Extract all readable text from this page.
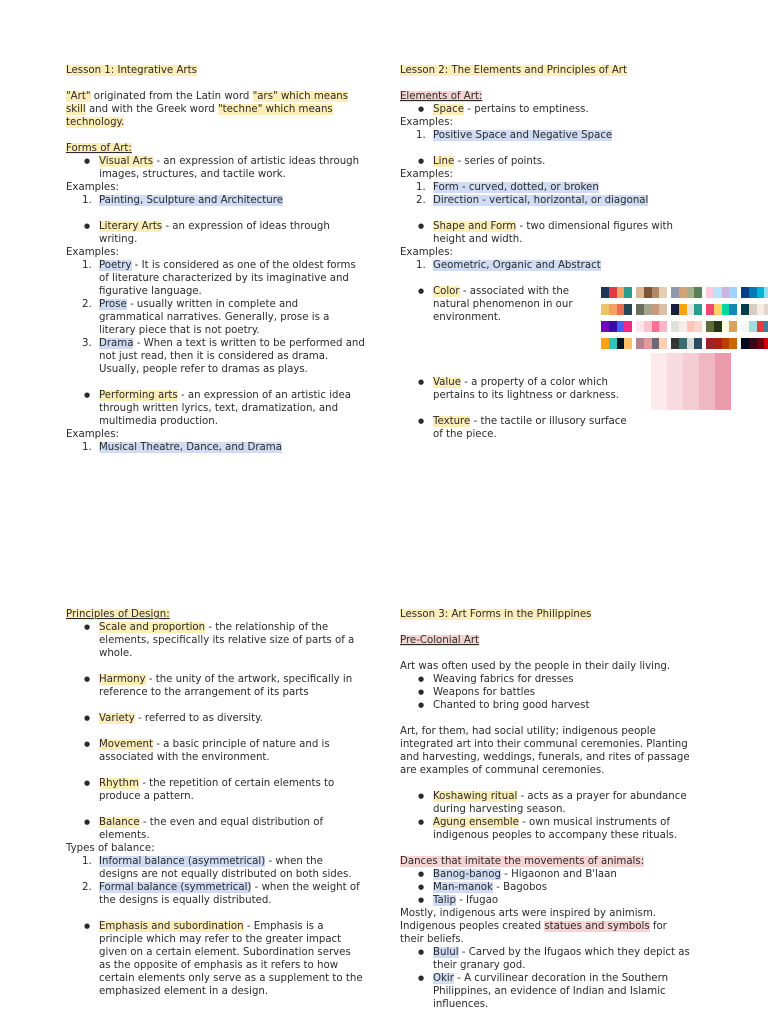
Lesson 1: Integrative Arts
"Art" originated from the Latin word "ars" which means
skill and with the Greek word "techne" which means
technology.
Forms of Art:
● Visual Arts - an expression of artistic ideas through
images, structures, and tactile work.
Examples:
1. Painting, Sculpture and Architecture
● Literary Arts - an expression of ideas through
writing.
Examples:
1. Poetry - It is considered as one of the oldest forms
of literature characterized by its imaginative and
figurative language.
2. Prose - usually written in complete and
grammatical narratives. Generally, prose is a
literary piece that is not poetry.
3. Drama - When a text is written to be performed and
not just read, then it is considered as drama.
Usually, people refer to dramas as plays.
● Performing arts - an expression of an artistic idea
through written lyrics, text, dramatization, and
multimedia production.
Examples:
1. Musical Theatre, Dance, and Drama
Lesson 2: The Elements and Principles of Art
Elements of Art:
● Space - pertains to emptiness.
Examples:
1. Positive Space and Negative Space
● Line - series of points.
Examples:
1. Form - curved, dotted, or broken
2. Direction - vertical, horizontal, or diagonal
● Shape and Form - two dimensional figures with
height and width.
Examples:
1. Geometric, Organic and Abstract
● Color - associated with the
natural phenomenon in our
environment.
● Value - a property of a color which
pertains to its lightness or darkness.
● Texture - the tactile or illusory surface
of the piece.
Principles of Design:
● Scale and proportion - the relationship of the
elements, specifically its relative size of parts of a
whole.
● Harmony - the unity of the artwork, specifically in
reference to the arrangement of its parts
● Variety - referred to as diversity.
● Movement - a basic principle of nature and is
associated with the environment.
● Rhythm - the repetition of certain elements to
produce a pattern.
● Balance - the even and equal distribution of
elements.
Types of balance:
1. Informal balance (asymmetrical) - when the
designs are not equally distributed on both sides.
2. Formal balance (symmetrical) - when the weight of
the designs is equally distributed.
● Emphasis and subordination - Emphasis is a
principle which may refer to the greater impact
given on a certain element. Subordination serves
as the opposite of emphasis as it refers to how
certain elements only serve as a supplement to the
emphasized element in a design.
Lesson 3: Art Forms in the Philippines
Pre-Colonial Art
Art was often used by the people in their daily living.
● Weaving fabrics for dresses
● Weapons for battles
● Chanted to bring good harvest
Art, for them, had social utility; indigenous people
integrated art into their communal ceremonies. Planting
and harvesting, weddings, funerals, and rites of passage
are examples of communal ceremonies.
● Koshawing ritual - acts as a prayer for abundance
during harvesting season.
● Agung ensemble - own musical instruments of
indigenous peoples to accompany these rituals.
Dances that imitate the movements of animals:
● Banog-banog - Higaonon and B'laan
● Man-manok - Bagobos
● Talip - Ifugao
Mostly, indigenous arts were inspired by animism.
Indigenous peoples created statues and symbols for
their beliefs.
● Bulul - Carved by the Ifugaos which they depict as
their granary god.
● Okir - A curvilinear decoration in the Southern
Philippines, an evidence of Indian and Islamic
influences.
